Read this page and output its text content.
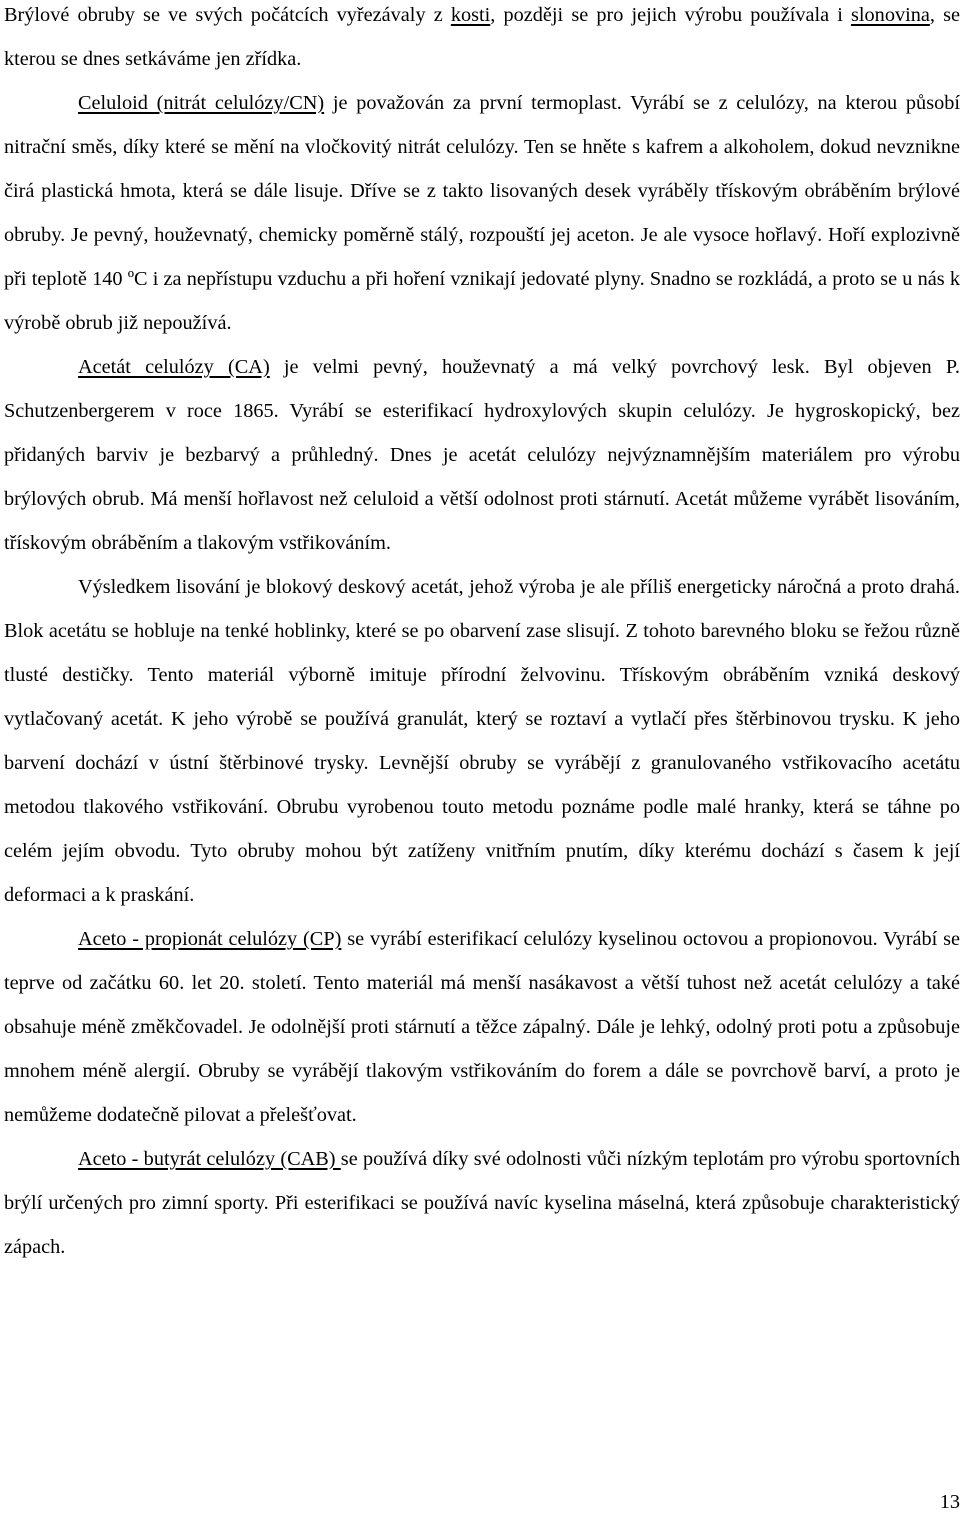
Brýlové obruby se ve svých počátcích vyřezávaly z kosti, později se pro jejich výrobu používala i slonovina, se kterou se dnes setkáváme jen zřídka.

Celuloid (nitrát celulózy/CN) je považován za první termoplast. Vyrábí se z celulózy, na kterou působí nitrační směs, díky které se mění na vločkovitý nitrát celulózy. Ten se hněte s kafrem a alkoholem, dokud nevznikne čirá plastická hmota, která se dále lisuje. Dříve se z takto lisovaných desek vyráběly třískovým obráběním brýlové obruby. Je pevný, houževnatý, chemicky poměrně stálý, rozpouští jej aceton. Je ale vysoce hořlavý. Hoří explozivně při teplotě 140 ºC i za nepřístupu vzduchu a při hoření vznikají jedovaté plyny. Snadno se rozkládá, a proto se u nás k výrobě obrub již nepoužívá.

Acetát celulózy (CA) je velmi pevný, houževnatý a má velký povrchový lesk. Byl objeven P. Schutzenbergerem v roce 1865. Vyrábí se esterifikací hydroxylových skupin celulózy. Je hygroskopický, bez přidaných barviv je bezbarvý a průhledný. Dnes je acetát celulózy nejvýznamnějším materiálem pro výrobu brýlových obrub. Má menší hořlavost než celuloid a větší odolnost proti stárnutí. Acetát můžeme vyrábět lisováním, třískovým obráběním a tlakovým vstřikováním.

Výsledkem lisování je blokový deskový acetát, jehož výroba je ale příliš energeticky náročná a proto drahá. Blok acetátu se hobluje na tenké hoblinky, které se po obarvení zase slisují. Z tohoto barevného bloku se řežou různě tlusté destičky. Tento materiál výborně imituje přírodní želvovinu. Třískovým obráběním vzniká deskový vytlačovaný acetát. K jeho výrobě se používá granulát, který se roztaví a vytlačí přes štěrbinovou trysku. K jeho barvení dochází v ústní štěrbinové trysky. Levnější obruby se vyrábějí z granulovaného vstřikovacího acetátu metodou tlakového vstřikování. Obrubu vyrobenou touto metodu poznáme podle malé hranky, která se táhne po celém jejím obvodu. Tyto obruby mohou být zatíženy vnitřním pnutím, díky kterému dochází s časem k její deformaci a k praskání.

Aceto - propionát celulózy (CP) se vyrábí esterifikací celulózy kyselinou octovou a propionovou. Vyrábí se teprve od začátku 60. let 20. století. Tento materiál má menší nasákavost a větší tuhost než acetát celulózy a také obsahuje méně změkčovadel. Je odolnější proti stárnutí a těžce zápalný. Dále je lehký, odolný proti potu a způsobuje mnohem méně alergií. Obruby se vyrábějí tlakovým vstřikováním do forem a dále se povrchově barví, a proto je nemůžeme dodatečně pilovat a přelešťovat.

Aceto - butyrát celulózy (CAB) se používá díky své odolnosti vůči nízkým teplotám pro výrobu sportovních brýlí určených pro zimní sporty. Při esterifikaci se používá navíc kyselina máselná, která způsobuje charakteristický zápach.

13
